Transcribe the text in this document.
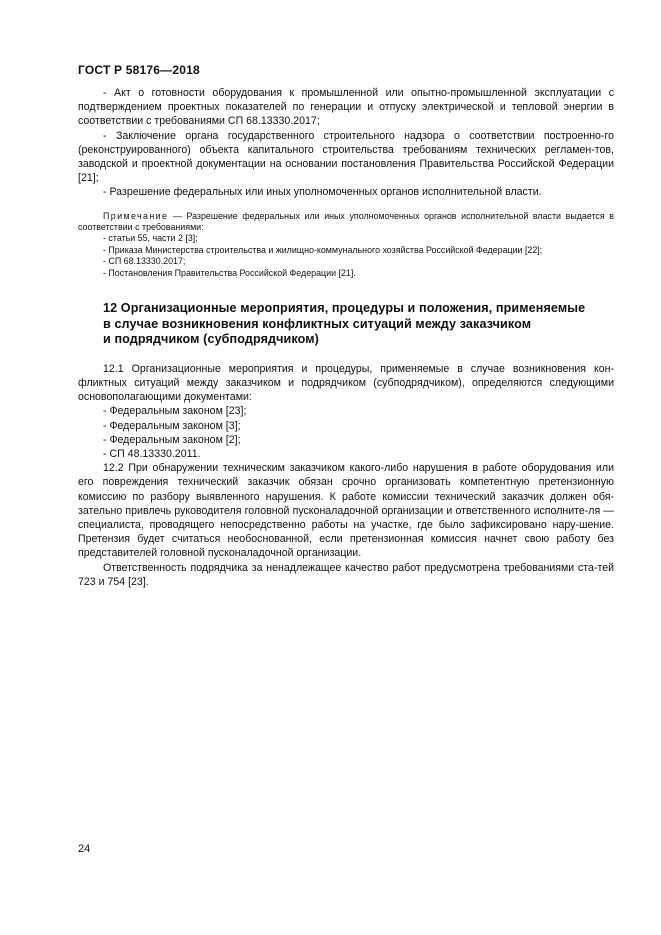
ГОСТ Р 58176—2018

- Акт о готовности оборудования к промышленной или опытно-промышленной эксплуатации с подтверждением проектных показателей по генерации и отпуску электрической и тепловой энергии в соответствии с требованиями СП 68.13330.2017;

- Заключение органа государственного строительного надзора о соответствии построенно-го (реконструированного) объекта капитального строительства требованиям технических регламен-тов, заводской и проектной документации на основании постановления Правительства Российской Федерации [21];

- Разрешение федеральных или иных уполномоченных органов исполнительной власти.

Примечание — Разрешение федеральных или иных уполномоченных органов исполнительной власти выдается в соответствии с требованиями:

- статьи 55, части 2 [3];

- Приказа Министерства строительства и жилищно-коммунального хозяйства Российской Федерации [22];

- СП 68.13330.2017;

- Постановления Правительства Российской Федерации [21].

12 Организационные мероприятия, процедуры и положения, применяемые
в случае возникновения конфликтных ситуаций между заказчиком
и подрядчиком (субподрядчиком)

12.1 Организационные мероприятия и процедуры, применяемые в случае возникновения кон-фликтных ситуаций между заказчиком и подрядчиком (субподрядчиком), определяются следующими основополагающими документами:

- Федеральным законом [23];

- Федеральным законом [3];

- Федеральным законом [2];

- СП 48.13330.2011.

12.2 При обнаружении техническим заказчиком какого-либо нарушения в работе оборудования или его повреждения технический заказчик обязан срочно организовать компетентную претензионную комиссию по разбору выявленного нарушения. К работе комиссии технический заказчик должен обя-зательно привлечь руководителя головной пусконаладочной организации и ответственного исполните-ля — специалиста, проводящего непосредственно работы на участке, где было зафиксировано нару-шение. Претензия будет считаться необоснованной, если претензионная комиссия начнет свою работу без представителей головной пусконаладочной организации.

Ответственность подрядчика за ненадлежащее качество работ предусмотрена требованиями ста-тей 723 и 754 [23].

24
